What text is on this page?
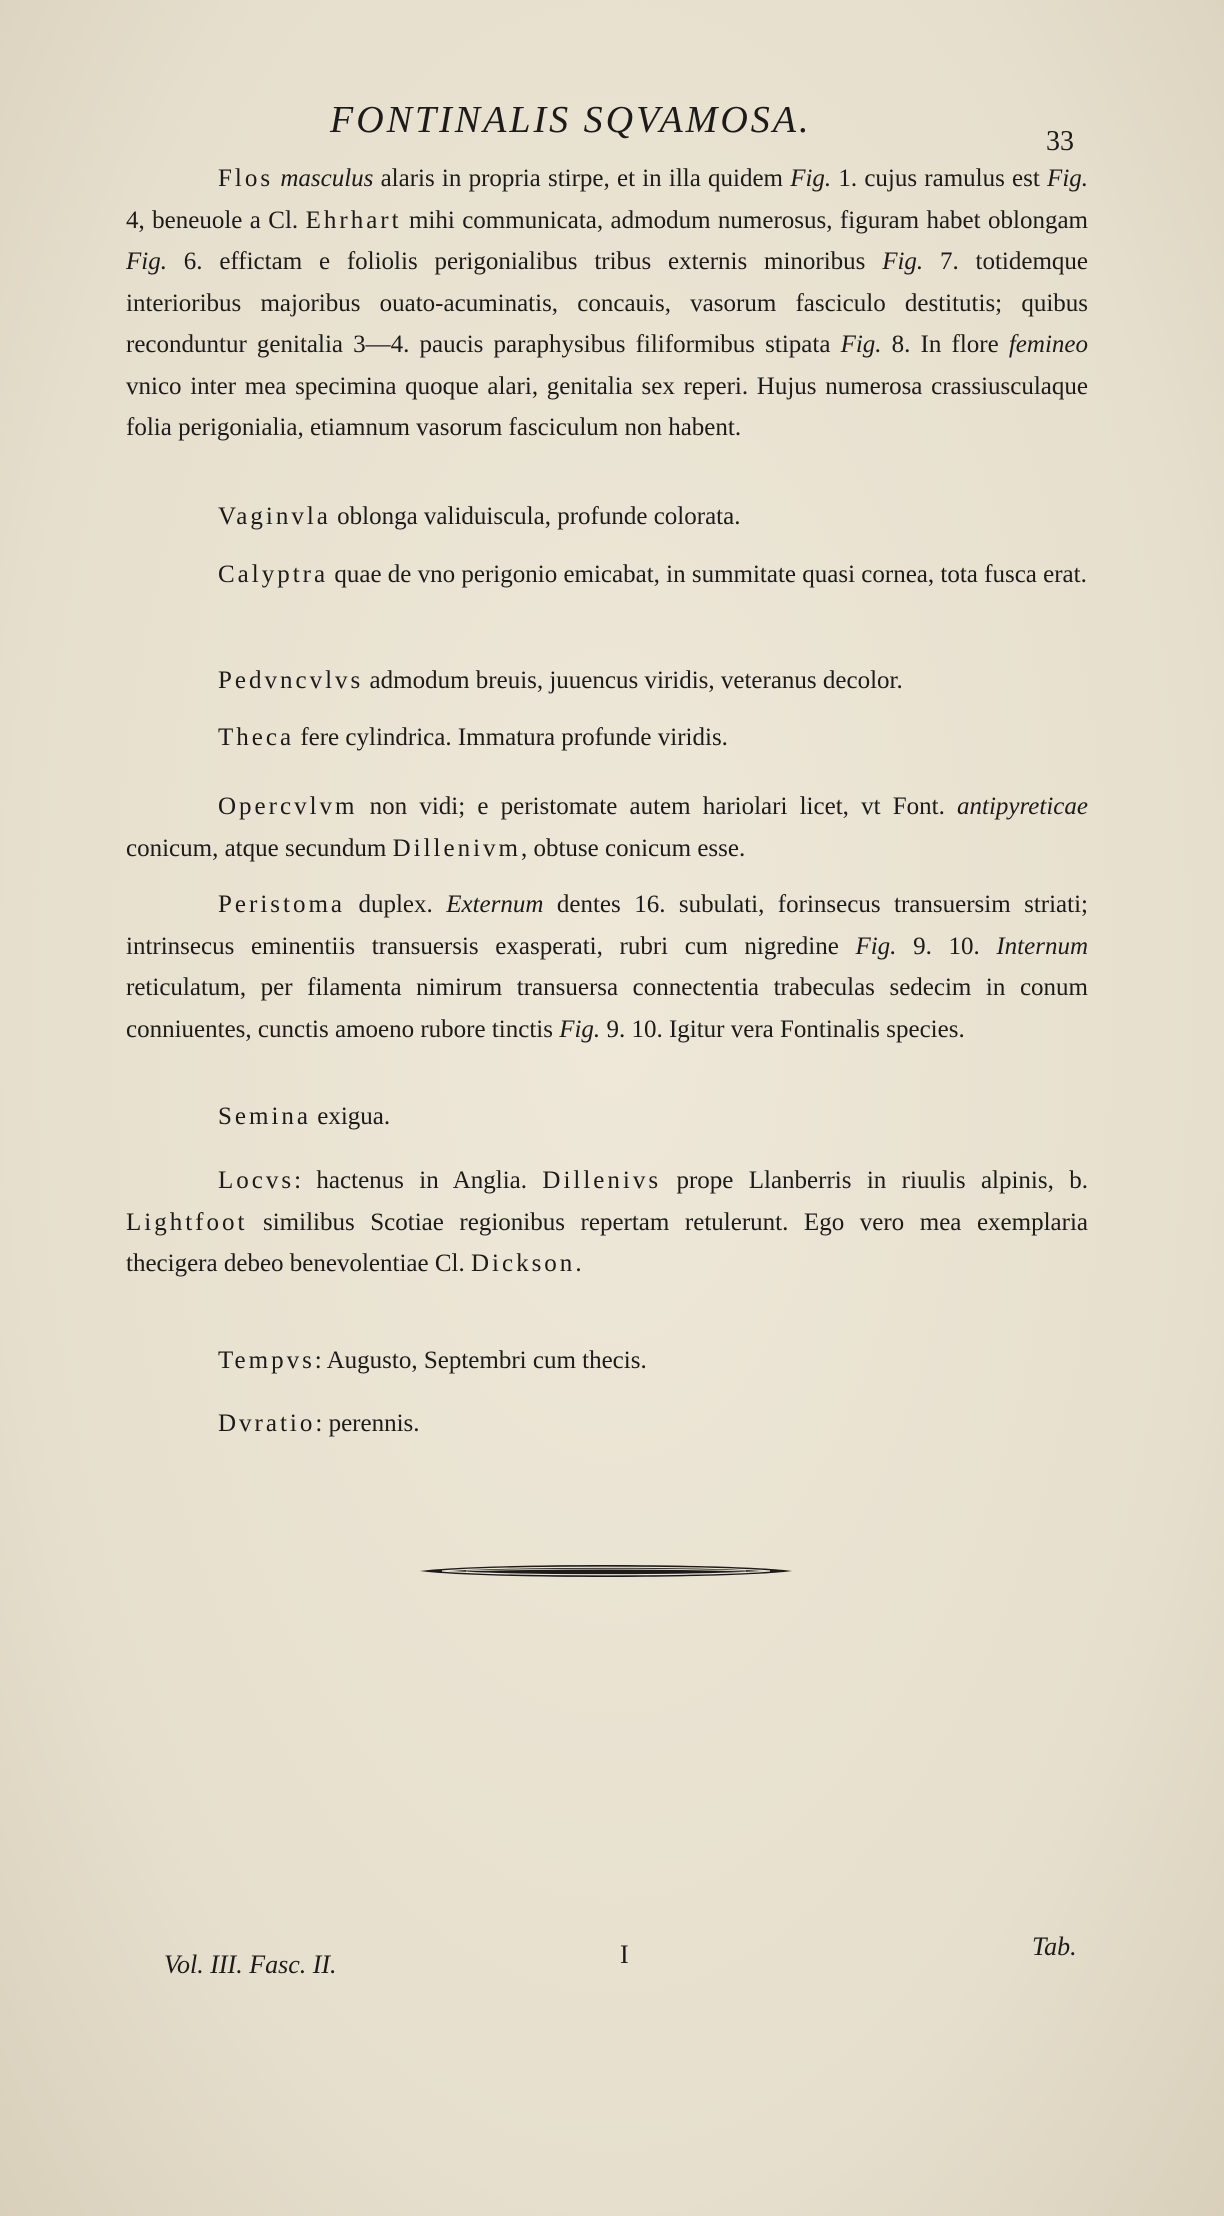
FONTINALIS SQVAMOSA.
33

Flos masculus alaris in propria stirpe, et in illa quidem Fig. 1. cujus ramulus est Fig. 4, beneuole a Cl. Ehrhart mihi communicata, admodum numerosus, figuram habet oblongam Fig. 6. effictam e foliolis perigonialibus tribus externis minoribus Fig. 7. totidemque interioribus majoribus ouato-acuminatis, concauis, vasorum fasciculo destitutis; quibus reconduntur genitalia 3—4. paucis paraphysibus filiformibus stipata Fig. 8. In flore femineo vnico inter mea specimina quoque alari, genitalia sex reperi. Hujus numerosa crassiusculaque folia perigonialia, etiamnum vasorum fasciculum non habent.

Vaginvla oblonga validuiscula, profunde colorata.

Calyptra quae de vno perigonio emicabat, in summitate quasi cornea, tota fusca erat.

Pedvncvlvs admodum breuis, juuencus viridis, veteranus decolor.

Theca fere cylindrica. Immatura profunde viridis.

Opercvlvm non vidi; e peristomate autem hariolari licet, vt Font. antipyreticae conicum, atque secundum Dillenivm, obtuse conicum esse.

Peristoma duplex. Externum dentes 16. subulati, forinsecus transuersim striati; intrinsecus eminentiis transuersis exasperati, rubri cum nigredine Fig. 9. 10. Internum reticulatum, per filamenta nimirum transuersa connectentia trabeculas sedecim in conum conniuentes, cunctis amoeno rubore tinctis Fig. 9. 10. Igitur vera Fontinalis species.

Semina exigua.

Locvs: hactenus in Anglia. Dillenivs prope Llanberris in riuulis alpinis, b. Lightfoot similibus Scotiae regionibus repertam retulerunt. Ego vero mea exemplaria thecigera debeo benevolentiae Cl. Dickson.

Tempvs: Augusto, Septembri cum thecis.

Dvratio: perennis.

Vol. III. Fasc. II.	I	Tab.
